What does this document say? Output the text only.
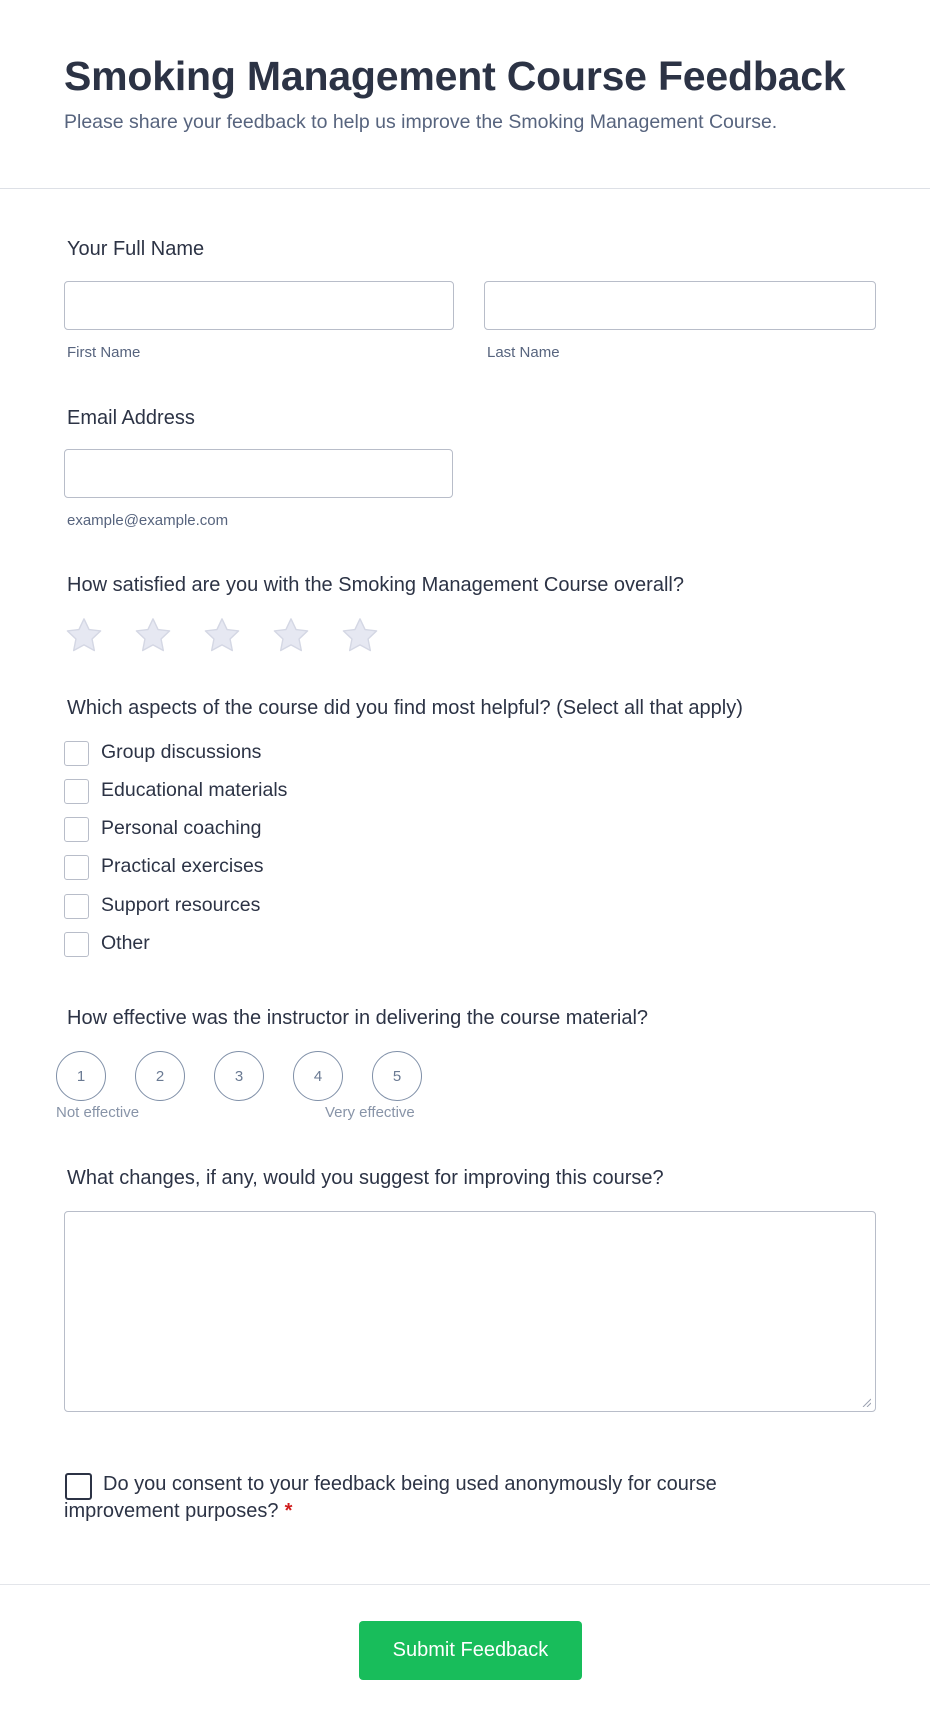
Smoking Management Course Feedback

Please share your feedback to help us improve the Smoking Management Course.

Your Full Name
First Name	Last Name
Email Address
example@example.com
How satisfied are you with the Smoking Management Course overall?
Which aspects of the course did you find most helpful? (Select all that apply)
Group discussions
Educational materials
Personal coaching
Practical exercises
Support resources
Other
How effective was the instructor in delivering the course material?
1	2	3	4	5
Not effective	Very effective
What changes, if any, would you suggest for improving this course?
Do you consent to your feedback being used anonymously for course improvement purposes? *
Submit Feedback
